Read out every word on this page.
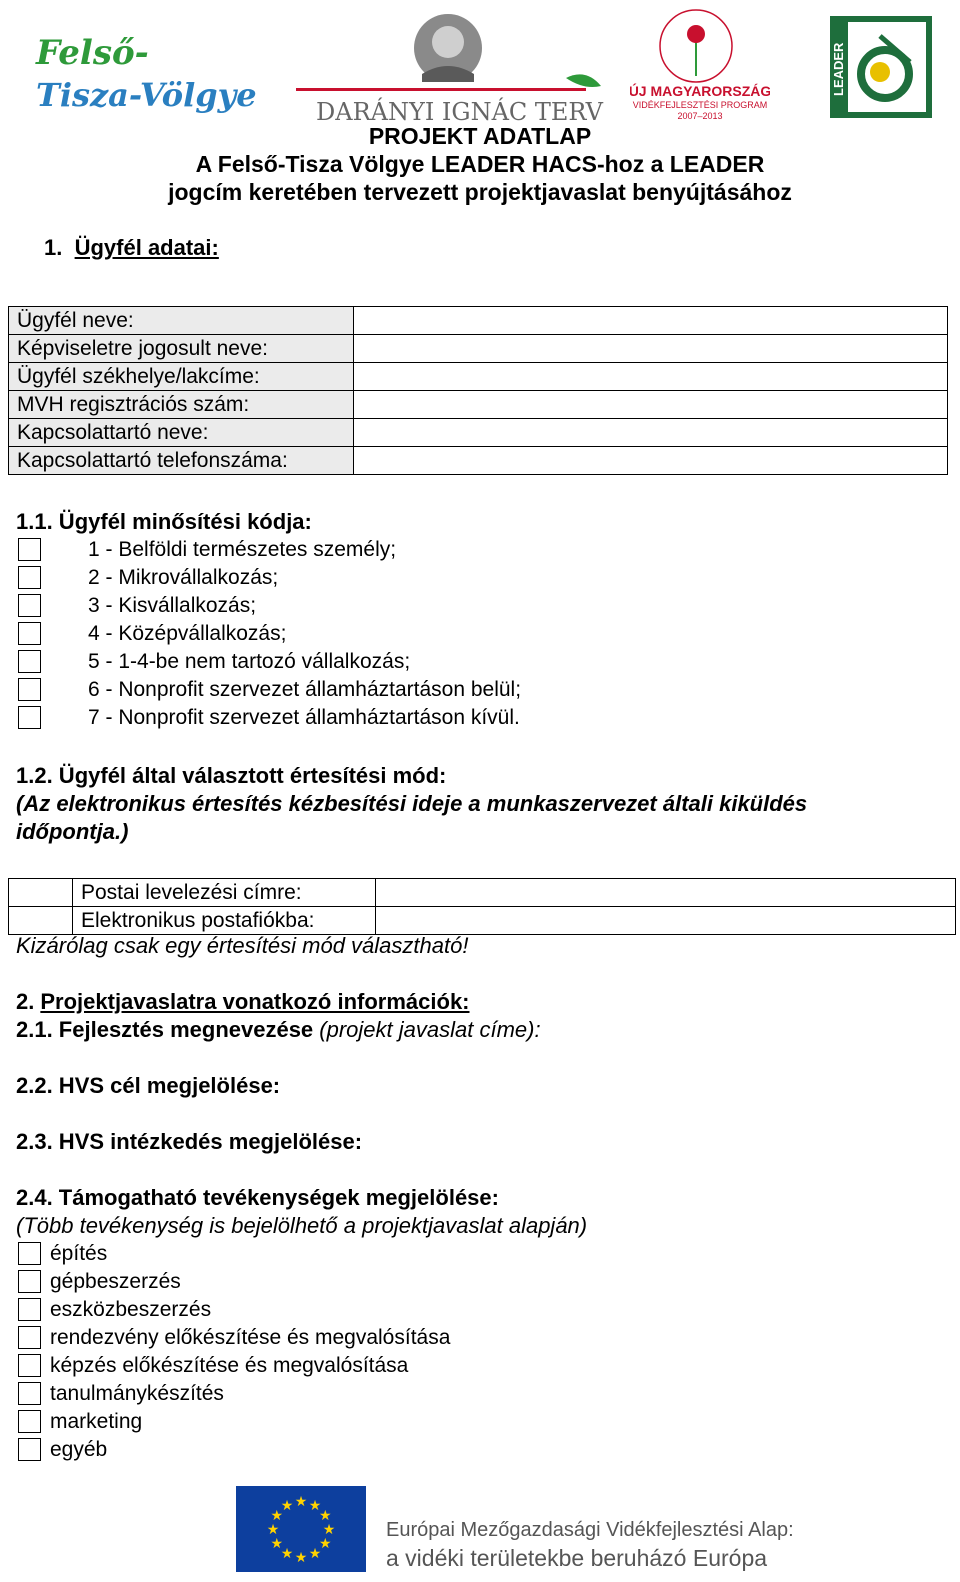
Felső-
Tisza-Völgye DARÁNYI IGNÁC TERV
ÚJ MAGYARORSZÁG
VIDÉKFEJLESZTÉSI PROGRAM
2007–2013
LEADER
PROJEKT ADATLAP
A Felső-Tisza Völgye LEADER HACS-hoz a LEADER
jogcím keretében tervezett projektjavaslat benyújtásához
1. Ügyfél adatai:
Ügyfél neve:	
Képviseletre jogosult neve:	
Ügyfél székhelye/lakcíme:	
MVH regisztrációs szám:	
Kapcsolattartó neve:	
Kapcsolattartó telefonszáma:	
1.1. Ügyfél minősítési kódja:
1 - Belföldi természetes személy;
2 - Mikrovállalkozás;
3 - Kisvállalkozás;
4 - Középvállalkozás;
5 - 1-4-be nem tartozó vállalkozás;
6 - Nonprofit szervezet államháztartáson belül;
7 - Nonprofit szervezet államháztartáson kívül.
1.2. Ügyfél által választott értesítési mód:
(Az elektronikus értesítés kézbesítési ideje a munkaszervezet általi kiküldés
időpontja.)
	Postai levelezési címre:	
	Elektronikus postafiókba:	
Kizárólag csak egy értesítési mód választható!
2. Projektjavaslatra vonatkozó információk:
2.1. Fejlesztés megnevezése (projekt javaslat címe):
2.2. HVS cél megjelölése:
2.3. HVS intézkedés megjelölése:
2.4. Támogatható tevékenységek megjelölése:
(Több tevékenység is bejelölhető a projektjavaslat alapján)
építés
gépbeszerzés
eszközbeszerzés
rendezvény előkészítése és megvalósítása
képzés előkészítése és megvalósítása
tanulmánykészítés
marketing
egyéb
★
★
★
★
★
★
★
★
★ ★ ★
★
Európai Mezőgazdasági Vidékfejlesztési Alap:
a vidéki területekbe beruházó Európa
